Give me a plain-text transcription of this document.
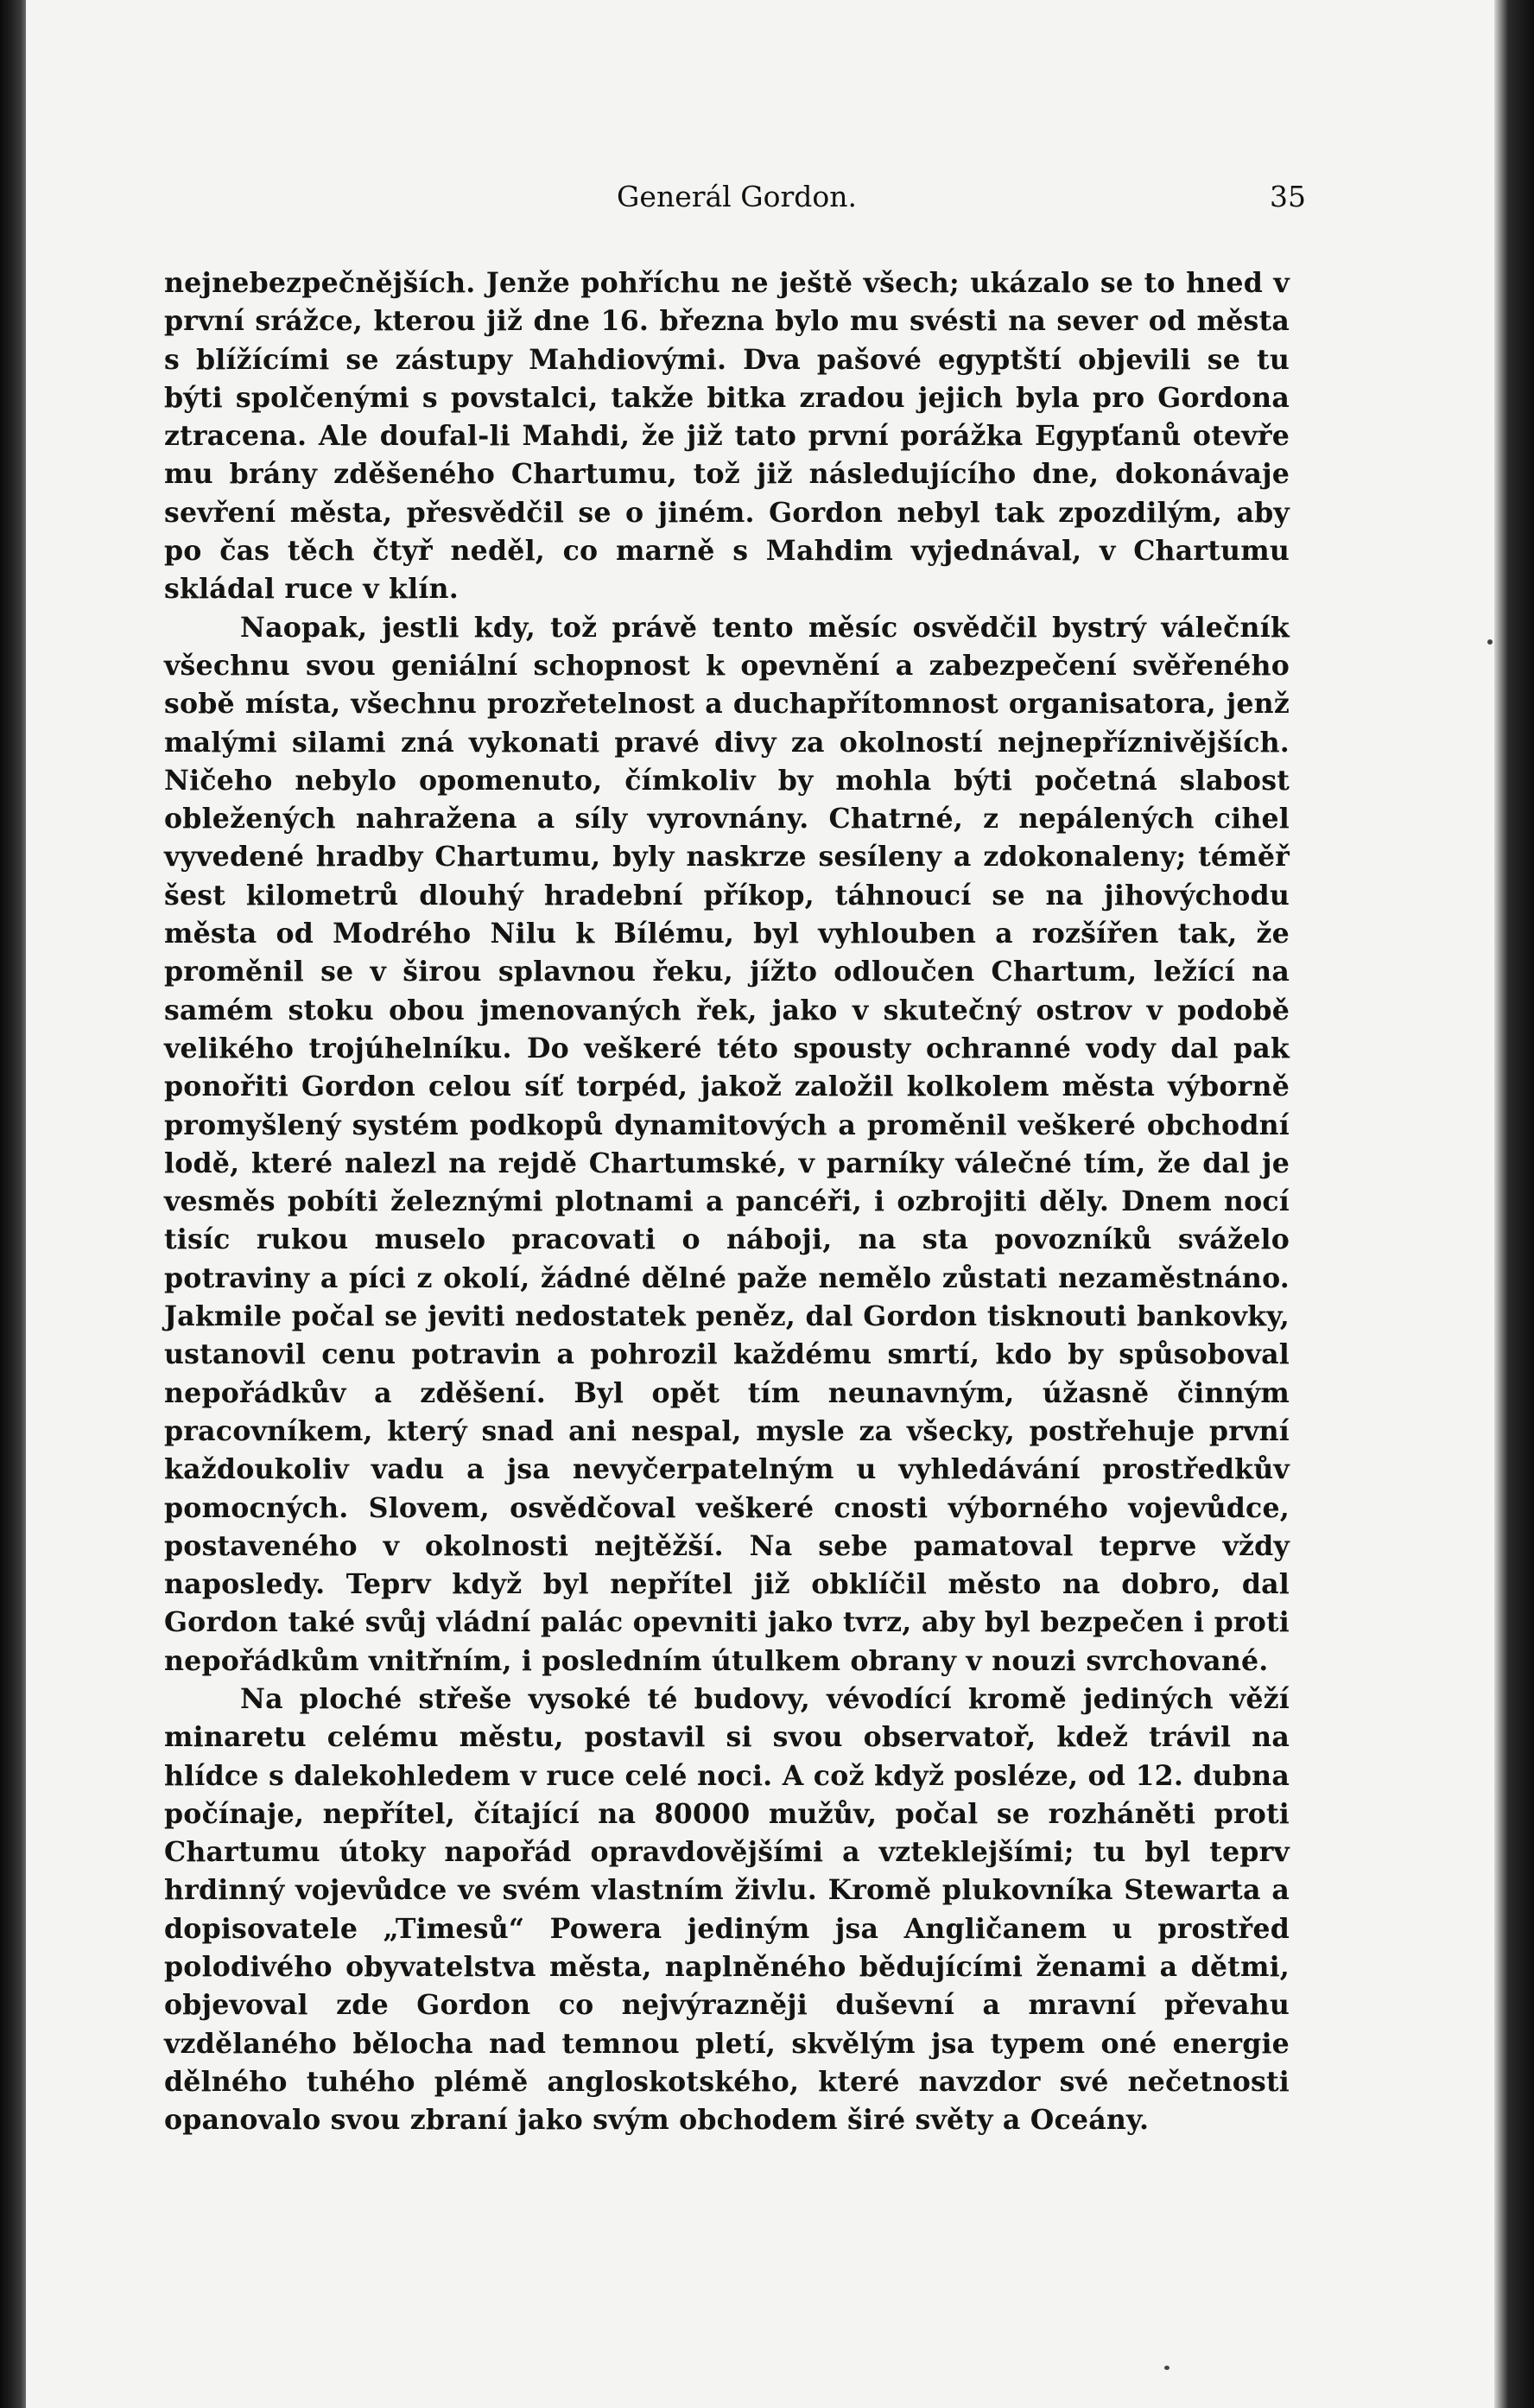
Generál Gordon.	35

nejnebezpečnějších. Jenže pohříchu ne ještě všech; ukázalo se to hned v první srážce, kterou již dne 16. března bylo mu svésti na sever od města s blížícími se zástupy Mahdiovými. Dva pašové egyptští objevili se tu býti spolčenými s povstalci, takže bitka zradou jejich byla pro Gordona ztracena. Ale doufal-li Mahdi, že již tato první porážka Egypťanů otevře mu brány zděšeného Chartumu, tož již následujícího dne, dokonávaje sevření města, přesvědčil se o jiném. Gordon nebyl tak zpozdilým, aby po čas těch čtyř neděl, co marně s Mahdim vyjednával, v Chartumu skládal ruce v klín.

Naopak, jestli kdy, tož právě tento měsíc osvědčil bystrý válečník všechnu svou geniální schopnost k opevnění a zabezpečení svěřeného sobě místa, všechnu prozřetelnost a duchapřítomnost organisatora, jenž malými silami zná vykonati pravé divy za okolností nejnepříznivějších. Ničeho nebylo opomenuto, čímkoliv by mohla býti početná slabost obležených nahražena a síly vyrovnány. Chatrné, z nepálených cihel vyvedené hradby Chartumu, byly naskrze sesíleny a zdokonaleny; téměř šest kilometrů dlouhý hradební příkop, táhnoucí se na jihovýchodu města od Modrého Nilu k Bílému, byl vyhlouben a rozšířen tak, že proměnil se v širou splavnou řeku, jížto odloučen Chartum, ležící na samém stoku obou jmenovaných řek, jako v skutečný ostrov v podobě velikého trojúhelníku. Do veškeré této spousty ochranné vody dal pak ponořiti Gordon celou síť torpéd, jakož založil kolkolem města výborně promyšlený systém podkopů dynamitových a proměnil veškeré obchodní lodě, které nalezl na rejdě Chartumské, v parníky válečné tím, že dal je vesměs pobíti železnými plotnami a pancéři, i ozbrojiti děly. Dnem nocí tisíc rukou muselo pracovati o náboji, na sta povozníků sváželo potraviny a píci z okolí, žádné dělné paže nemělo zůstati nezaměstnáno. Jakmile počal se jeviti nedostatek peněz, dal Gordon tisknouti bankovky, ustanovil cenu potravin a pohrozil každému smrtí, kdo by spůsoboval nepořádkův a zděšení. Byl opět tím neunavným, úžasně činným pracovníkem, který snad ani nespal, mysle za všecky, postřehuje první každoukoliv vadu a jsa nevyčerpatelným u vyhledávání prostředkův pomocných. Slovem, osvědčoval veškeré cnosti výborného vojevůdce, postaveného v okolnosti nejtěžší. Na sebe pamatoval teprve vždy naposledy. Teprv když byl nepřítel již obklíčil město na dobro, dal Gordon také svůj vládní palác opevniti jako tvrz, aby byl bezpečen i proti nepořádkům vnitřním, i posledním útulkem obrany v nouzi svrchované.

Na ploché střeše vysoké té budovy, vévodící kromě jediných věží minaretu celému městu, postavil si svou observatoř, kdež trávil na hlídce s dalekohledem v ruce celé noci. A což když posléze, od 12. dubna počínaje, nepřítel, čítající na 80000 mužův, počal se rozháněti proti Chartumu útoky napořád opravdovějšími a vzteklejšími; tu byl teprv hrdinný vojevůdce ve svém vlastním živlu. Kromě plukovníka Stewarta a dopisovatele „Timesů“ Powera jediným jsa Angličanem u prostřed polodivého obyvatelstva města, naplněného bědujícími ženami a dětmi, objevoval zde Gordon co nejvýrazněji duševní a mravní převahu vzdělaného bělocha nad temnou pletí, skvělým jsa typem oné energie dělného tuhého plémě angloskotského, které navzdor své nečetnosti opanovalo svou zbraní jako svým obchodem širé světy a Oceány.
